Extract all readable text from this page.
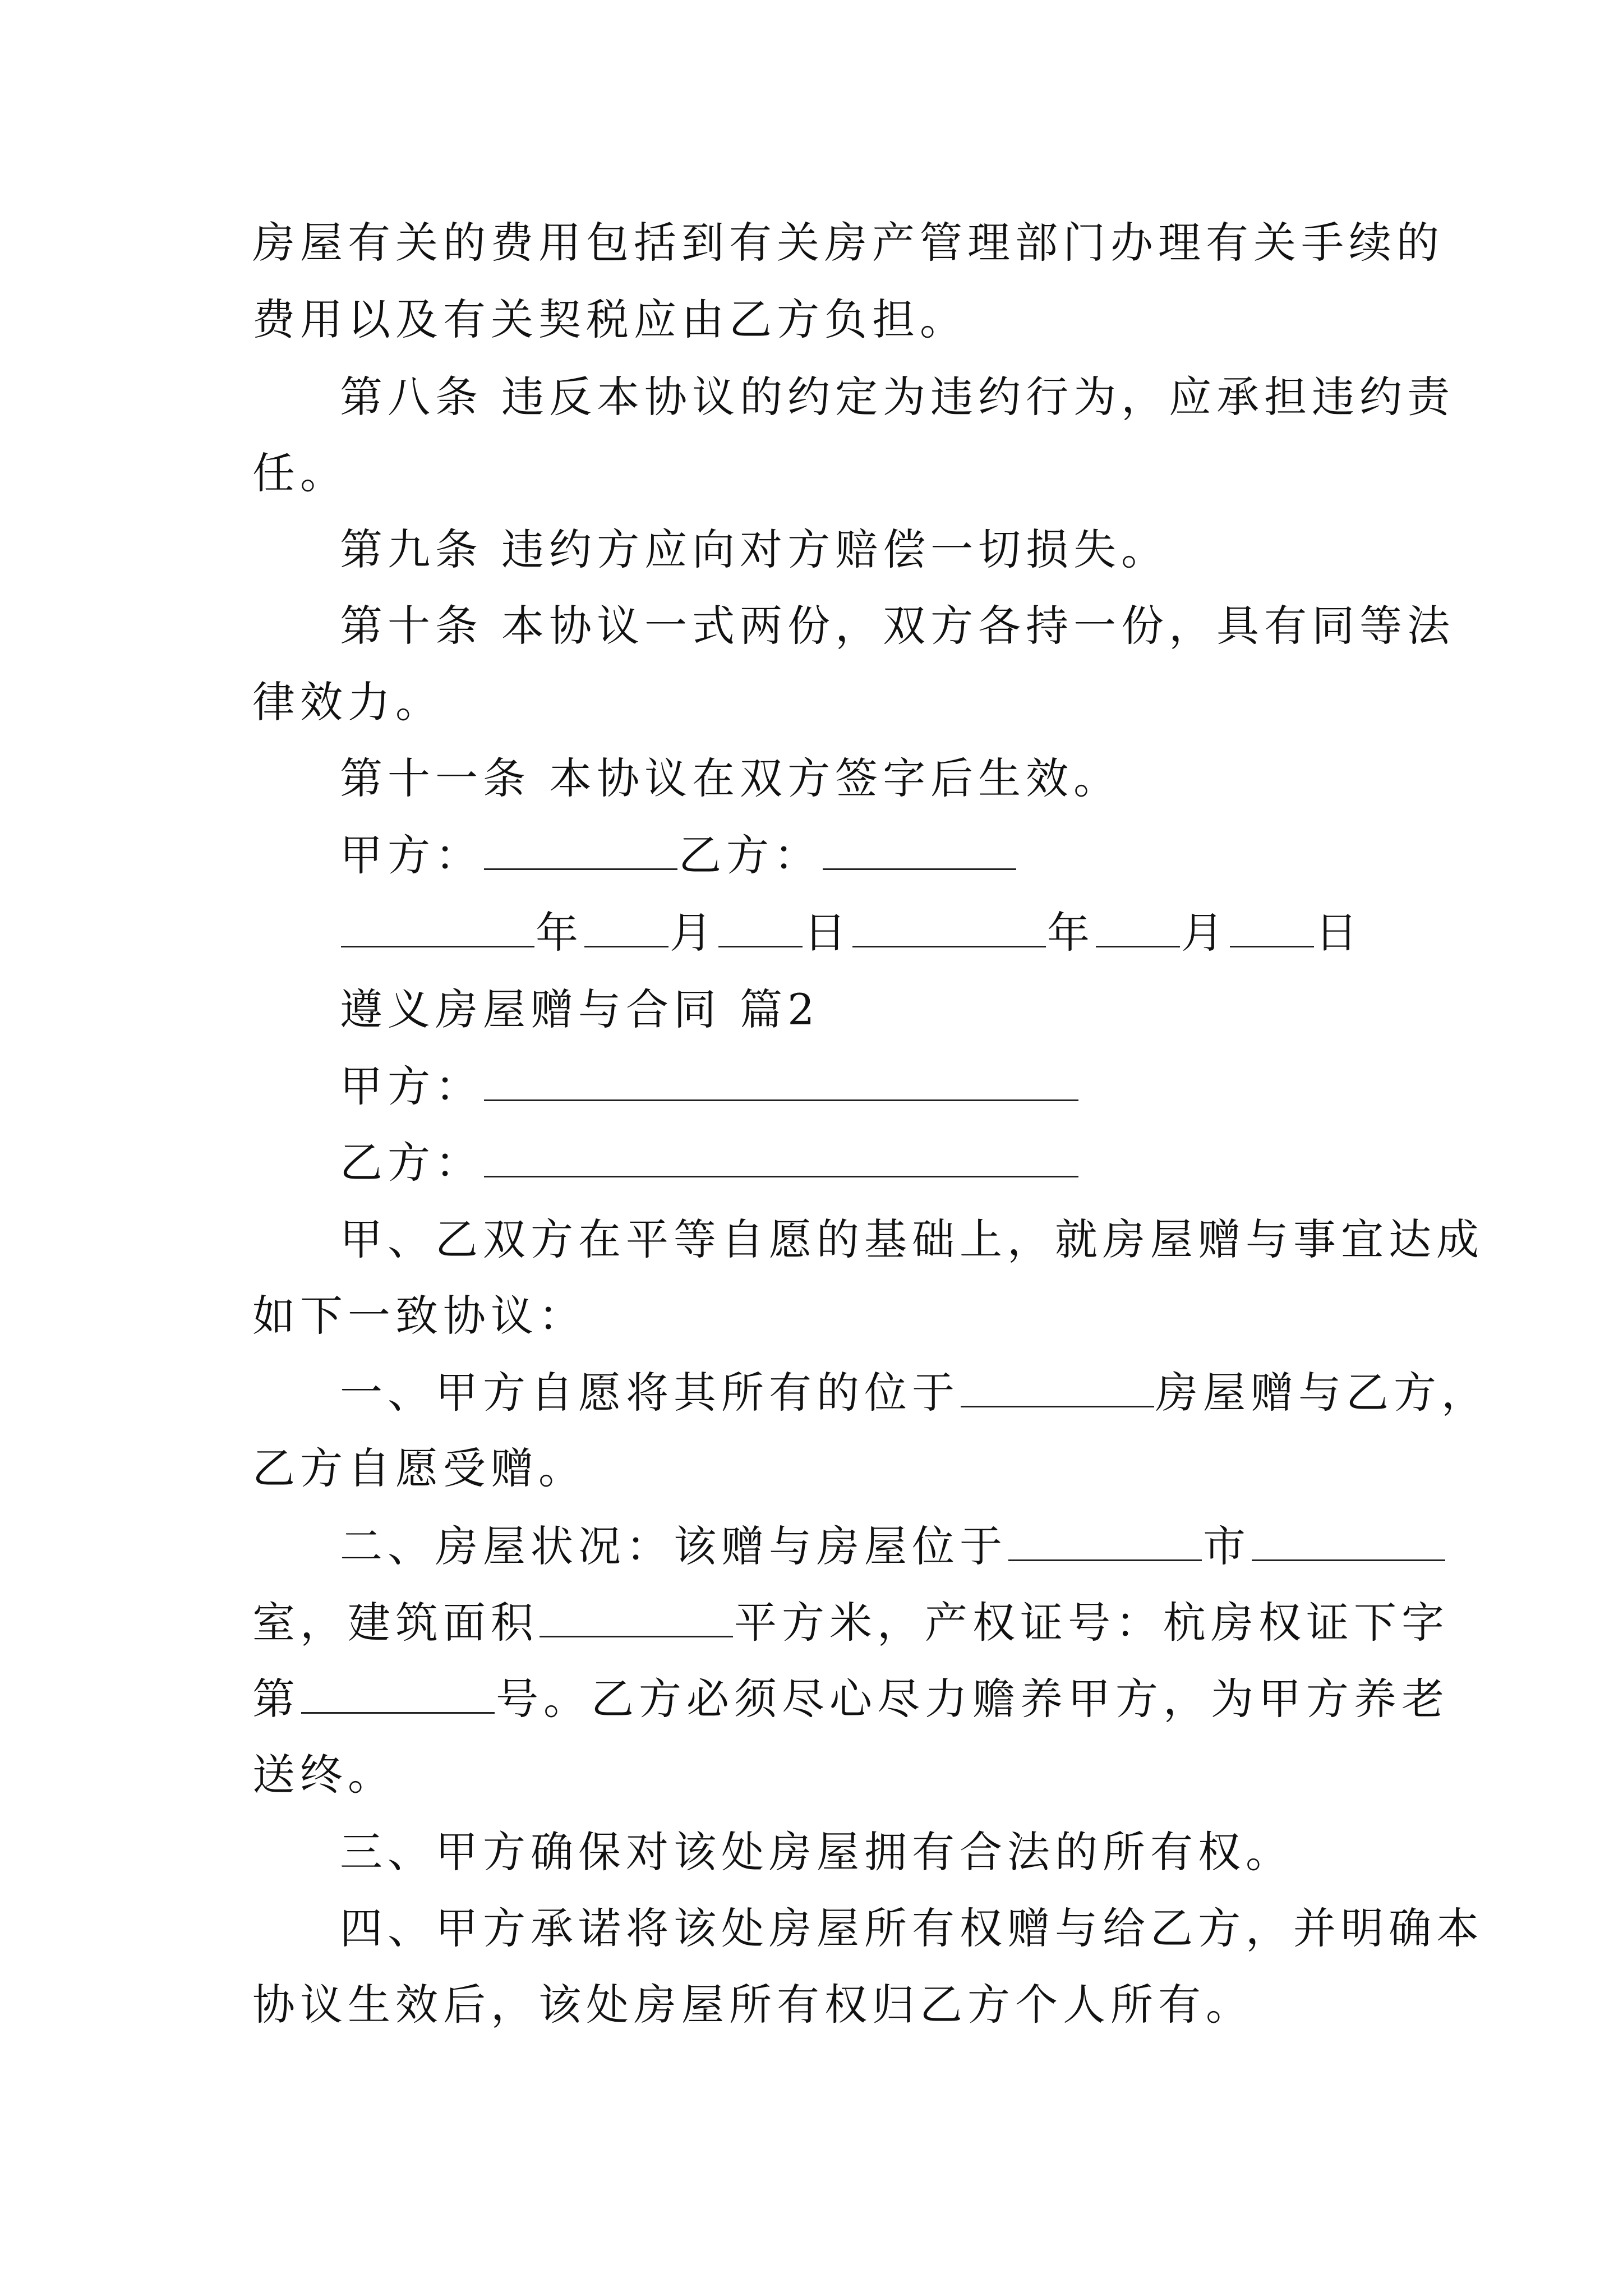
房屋有关的费用包括到有关房产管理部门办理有关手续的
费用以及有关契税应由乙方负担。
第八条 违反本协议的约定为违约行为，应承担违约责
任。
第九条 违约方应向对方赔偿一切损失。
第十条 本协议一式两份，双方各持一份，具有同等法
律效力。
第十一条 本协议在双方签字后生效。
甲方：	乙方：
年 月 日	年 月 日
遵义房屋赠与合同 篇2
甲方：
乙方：
甲、乙双方在平等自愿的基础上，就房屋赠与事宜达成
如下一致协议：
一、甲方自愿将其所有的位于	房屋赠与乙方，
乙方自愿受赠。
二、房屋状况：该赠与房屋位于	市
室，建筑面积	平方米，产权证号：杭房权证下字
第	号。乙方必须尽心尽力赡养甲方，为甲方养老
送终。
三、甲方确保对该处房屋拥有合法的所有权。
四、甲方承诺将该处房屋所有权赠与给乙方，并明确本
协议生效后，该处房屋所有权归乙方个人所有。
